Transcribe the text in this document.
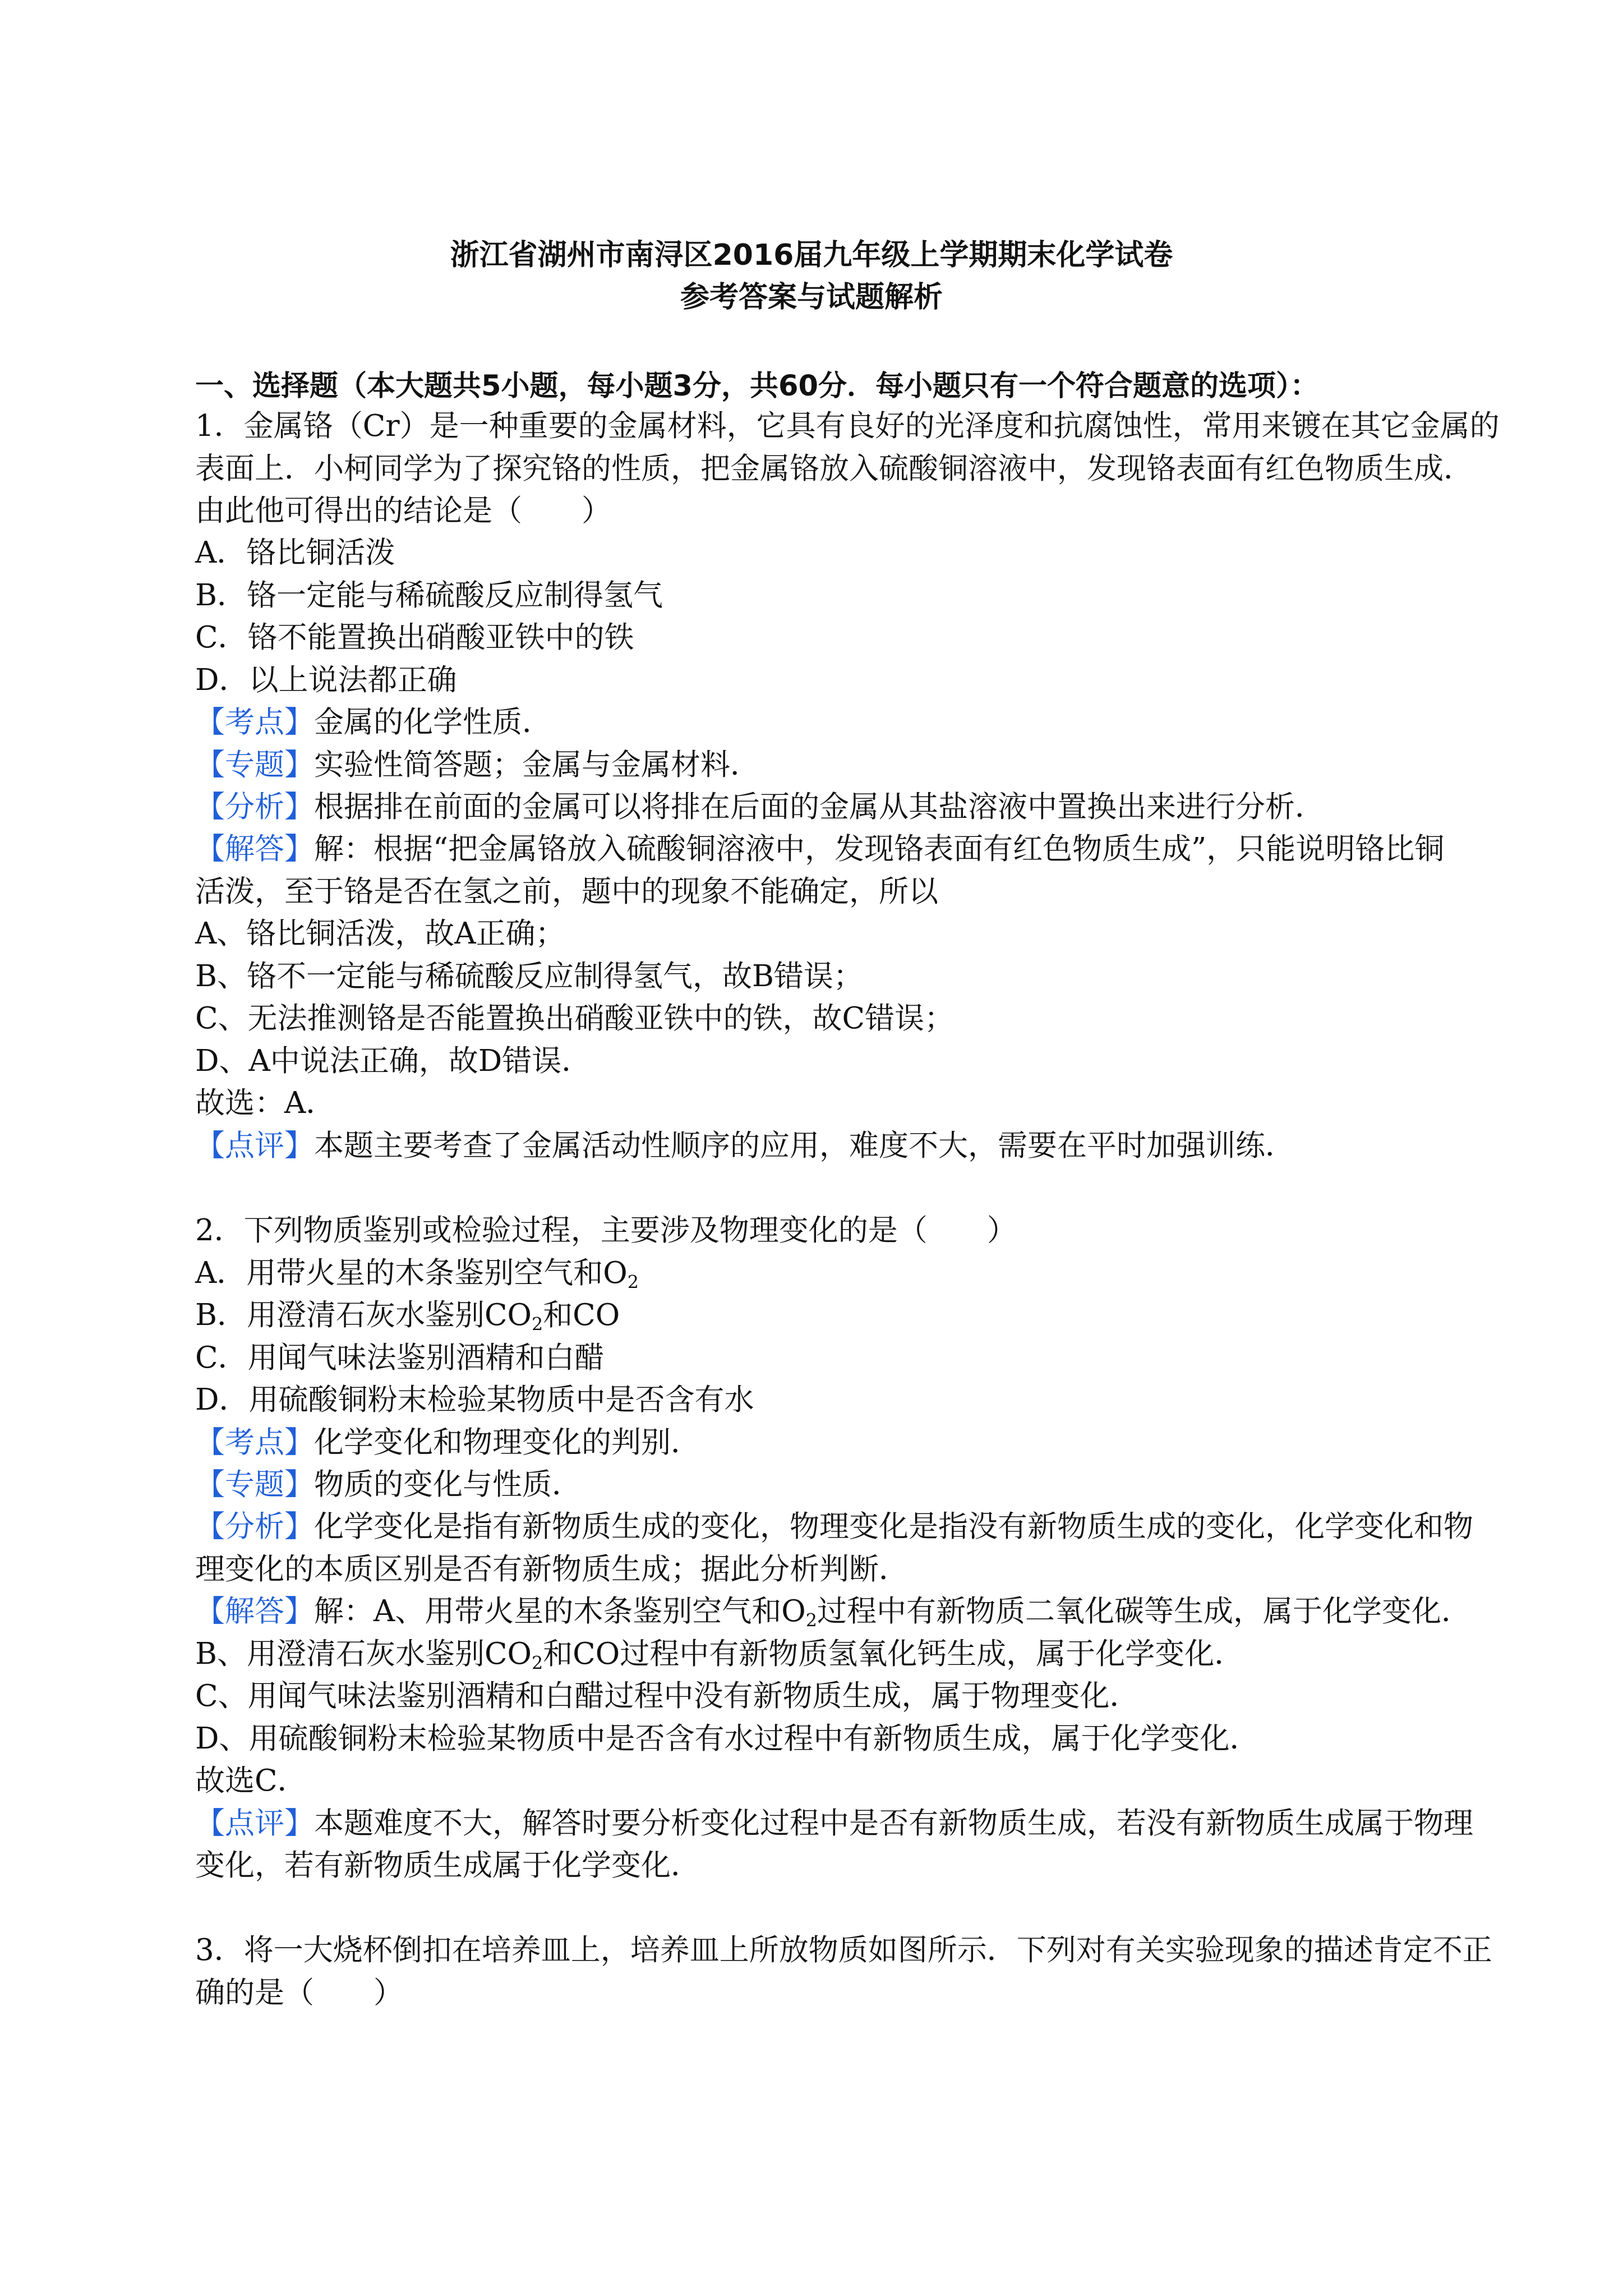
浙江省湖州市南浔区2016届九年级上学期期末化学试卷
参考答案与试题解析
一、选择题（本大题共5小题，每小题3分，共60分．每小题只有一个符合题意的选项）：
1．金属铬（Cr）是一种重要的金属材料，它具有良好的光泽度和抗腐蚀性，常用来镀在其它金属的
表面上．小柯同学为了探究铬的性质，把金属铬放入硫酸铜溶液中，发现铬表面有红色物质生成．
由此他可得出的结论是（　　）
A．铬比铜活泼
B．铬一定能与稀硫酸反应制得氢气
C．铬不能置换出硝酸亚铁中的铁
D．以上说法都正确
【考点】金属的化学性质．
【专题】实验性简答题；金属与金属材料．
【分析】根据排在前面的金属可以将排在后面的金属从其盐溶液中置换出来进行分析．
【解答】解：根据“把金属铬放入硫酸铜溶液中，发现铬表面有红色物质生成”，只能说明铬比铜
活泼，至于铬是否在氢之前，题中的现象不能确定，所以
A、铬比铜活泼，故A正确；
B、铬不一定能与稀硫酸反应制得氢气，故B错误；
C、无法推测铬是否能置换出硝酸亚铁中的铁，故C错误；
D、A中说法正确，故D错误．
故选：A．
【点评】本题主要考查了金属活动性顺序的应用，难度不大，需要在平时加强训练．
2．下列物质鉴别或检验过程，主要涉及物理变化的是（　　）
A．用带火星的木条鉴别空气和$O_2$
B．用澄清石灰水鉴别$CO_2$和CO
C．用闻气味法鉴别酒精和白醋
D．用硫酸铜粉末检验某物质中是否含有水
【考点】化学变化和物理变化的判别．
【专题】物质的变化与性质．
【分析】化学变化是指有新物质生成的变化，物理变化是指没有新物质生成的变化，化学变化和物
理变化的本质区别是否有新物质生成；据此分析判断．
【解答】解：A、用带火星的木条鉴别空气和$O_2$过程中有新物质二氧化碳等生成，属于化学变化．
B、用澄清石灰水鉴别$CO_2$和CO过程中有新物质氢氧化钙生成，属于化学变化．
C、用闻气味法鉴别酒精和白醋过程中没有新物质生成，属于物理变化．
D、用硫酸铜粉末检验某物质中是否含有水过程中有新物质生成，属于化学变化．
故选C．
【点评】本题难度不大，解答时要分析变化过程中是否有新物质生成，若没有新物质生成属于物理
变化，若有新物质生成属于化学变化．
3．将一大烧杯倒扣在培养皿上，培养皿上所放物质如图所示．下列对有关实验现象的描述肯定不正
确的是（　　）
